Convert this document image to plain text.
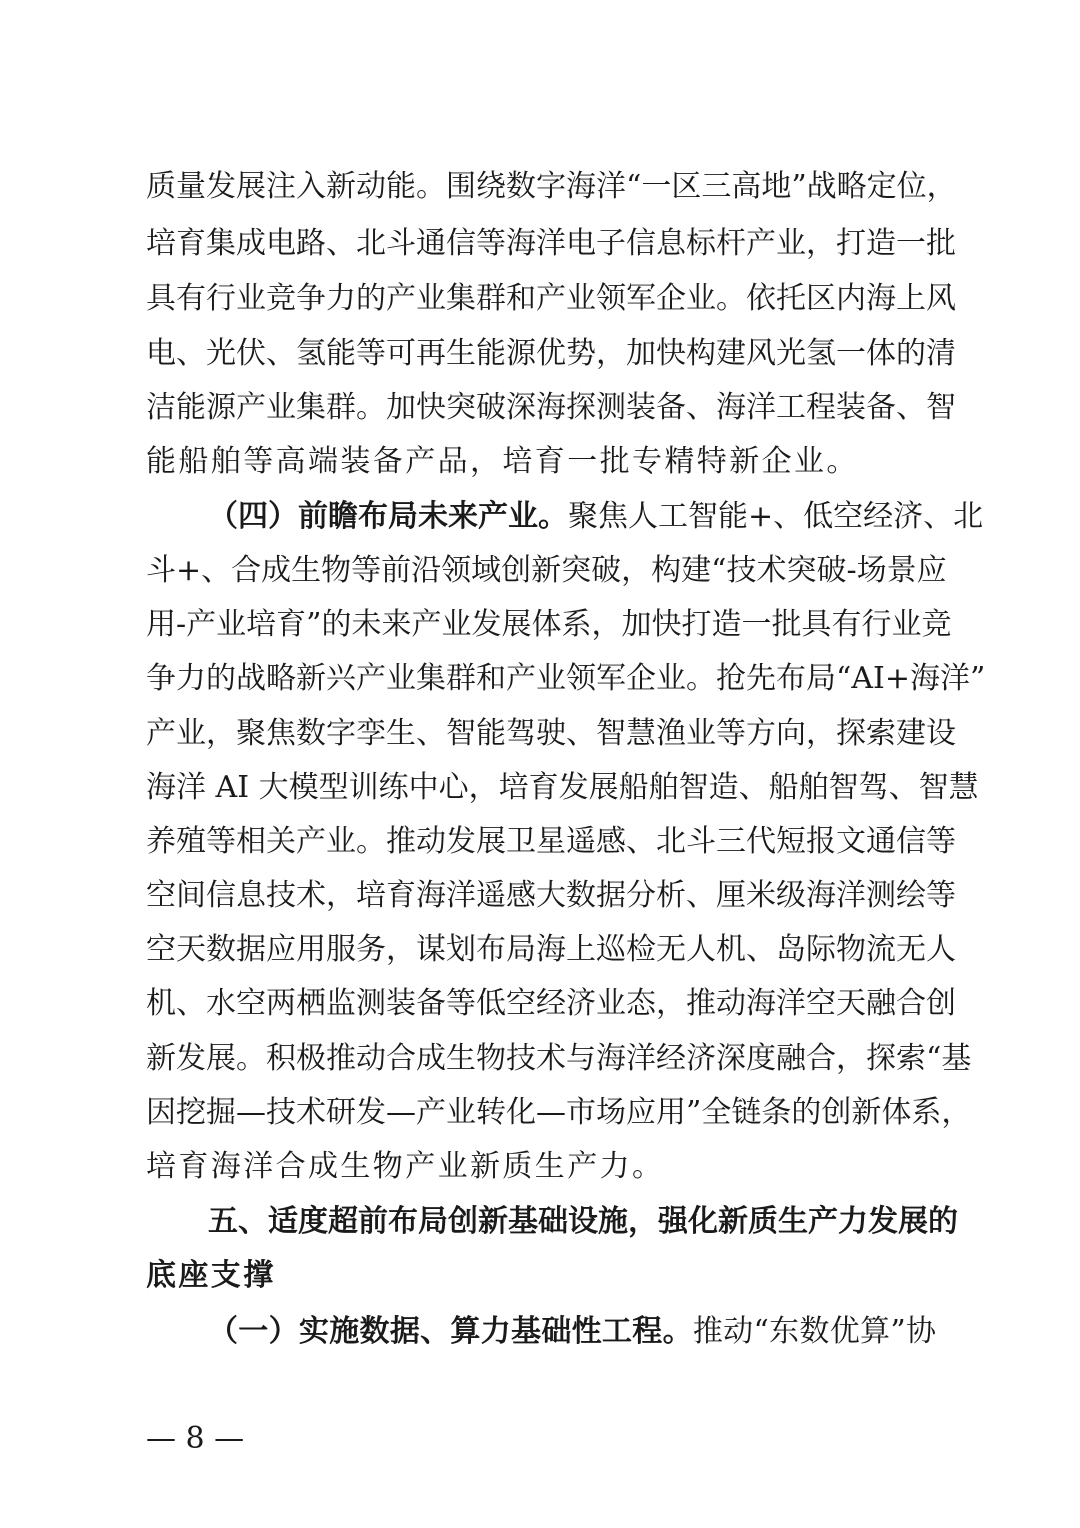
质量发展注入新动能。围绕数字海洋“一区三高地”战略定位，
培育集成电路、北斗通信等海洋电子信息标杆产业，打造一批
具有行业竞争力的产业集群和产业领军企业。依托区内海上风
电、光伏、氢能等可再生能源优势，加快构建风光氢一体的清
洁能源产业集群。加快突破深海探测装备、海洋工程装备、智
能船舶等高端装备产品，培育一批专精特新企业。
（四）前瞻布局未来产业。聚焦人工智能+、低空经济、北
斗+、合成生物等前沿领域创新突破，构建“技术突破-场景应
用-产业培育”的未来产业发展体系，加快打造一批具有行业竞
争力的战略新兴产业集群和产业领军企业。抢先布局“AI+海洋”
产业，聚焦数字孪生、智能驾驶、智慧渔业等方向，探索建设
海洋 AI 大模型训练中心，培育发展船舶智造、船舶智驾、智慧
养殖等相关产业。推动发展卫星遥感、北斗三代短报文通信等
空间信息技术，培育海洋遥感大数据分析、厘米级海洋测绘等
空天数据应用服务，谋划布局海上巡检无人机、岛际物流无人
机、水空两栖监测装备等低空经济业态，推动海洋空天融合创
新发展。积极推动合成生物技术与海洋经济深度融合，探索“基
因挖掘—技术研发—产业转化—市场应用”全链条的创新体系，
培育海洋合成生物产业新质生产力。
五、适度超前布局创新基础设施，强化新质生产力发展的
底座支撑
（一）实施数据、算力基础性工程。推动“东数优算”协
— 8 —
